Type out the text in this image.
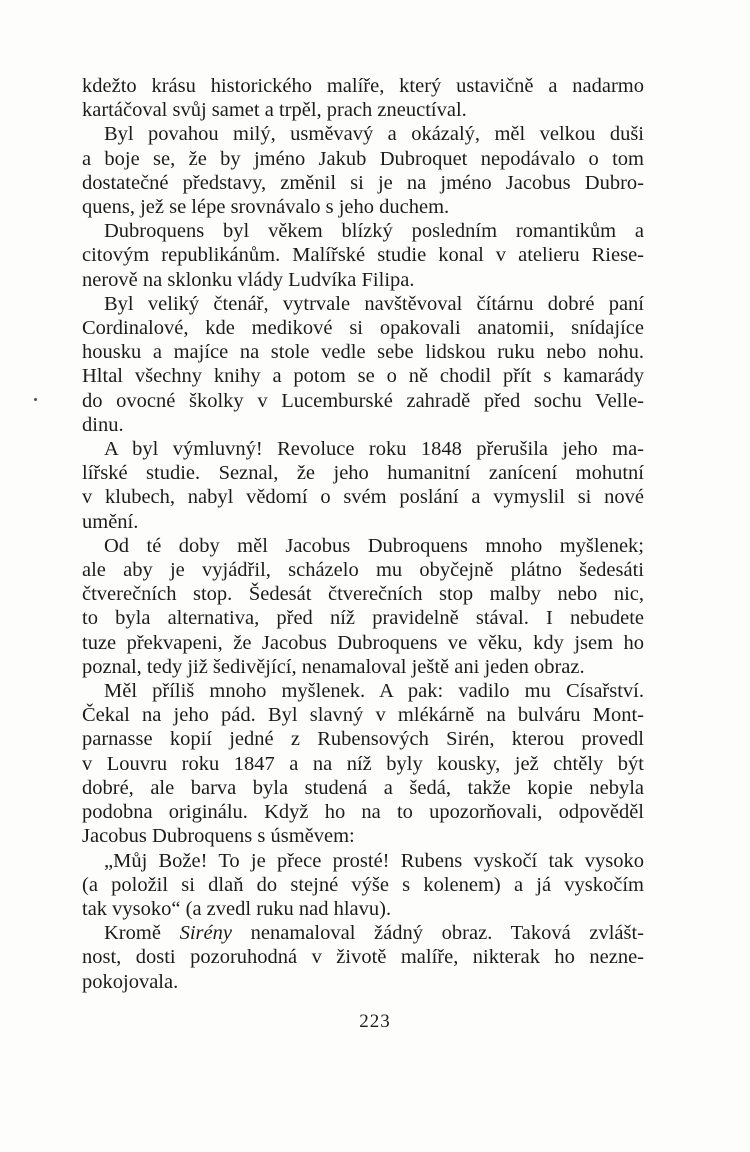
kdežto krásu historického malíře, který ustavičně a nadarmo
kartáčoval svůj samet a trpěl, prach zneuctíval.
Byl povahou milý, usměvavý a okázalý, měl velkou duši
a boje se, že by jméno Jakub Dubroquet nepodávalo o tom
dostatečné představy, změnil si je na jméno Jacobus Dubro-
quens, jež se lépe srovnávalo s jeho duchem.
Dubroquens byl věkem blízký posledním romantikům a
citovým republikánům. Malířské studie konal v atelieru Riese-
nerově na sklonku vlády Ludvíka Filipa.
Byl veliký čtenář, vytrvale navštěvoval čítárnu dobré paní
Cordinalové, kde medikové si opakovali anatomii, snídajíce
housku a majíce na stole vedle sebe lidskou ruku nebo nohu.
Hltal všechny knihy a potom se o ně chodil přít s kamarády
do ovocné školky v Lucemburské zahradě před sochu Velle-
dinu.
A byl výmluvný! Revoluce roku 1848 přerušila jeho ma-
lířské studie. Seznal, že jeho humanitní zanícení mohutní
v klubech, nabyl vědomí o svém poslání a vymyslil si nové
umění.
Od té doby měl Jacobus Dubroquens mnoho myšlenek;
ale aby je vyjádřil, scházelo mu obyčejně plátno šedesáti
čtverečních stop. Šedesát čtverečních stop malby nebo nic,
to byla alternativa, před níž pravidelně stával. I nebudete
tuze překvapeni, že Jacobus Dubroquens ve věku, kdy jsem ho
poznal, tedy již šedivějící, nenamaloval ještě ani jeden obraz.
Měl příliš mnoho myšlenek. A pak: vadilo mu Císařství.
Čekal na jeho pád. Byl slavný v mlékárně na bulváru Mont-
parnasse kopií jedné z Rubensových Sirén, kterou provedl
v Louvru roku 1847 a na níž byly kousky, jež chtěly být
dobré, ale barva byla studená a šedá, takže kopie nebyla
podobna originálu. Když ho na to upozorňovali, odpověděl
Jacobus Dubroquens s úsměvem:
„Můj Bože! To je přece prosté! Rubens vyskočí tak vysoko
(a položil si dlaň do stejné výše s kolenem) a já vyskočím
tak vysoko“ (a zvedl ruku nad hlavu).
Kromě Sirény nenamaloval žádný obraz. Taková zvlášt-
nost, dosti pozoruhodná v životě malíře, nikterak ho nezne-
pokojovala.
223
